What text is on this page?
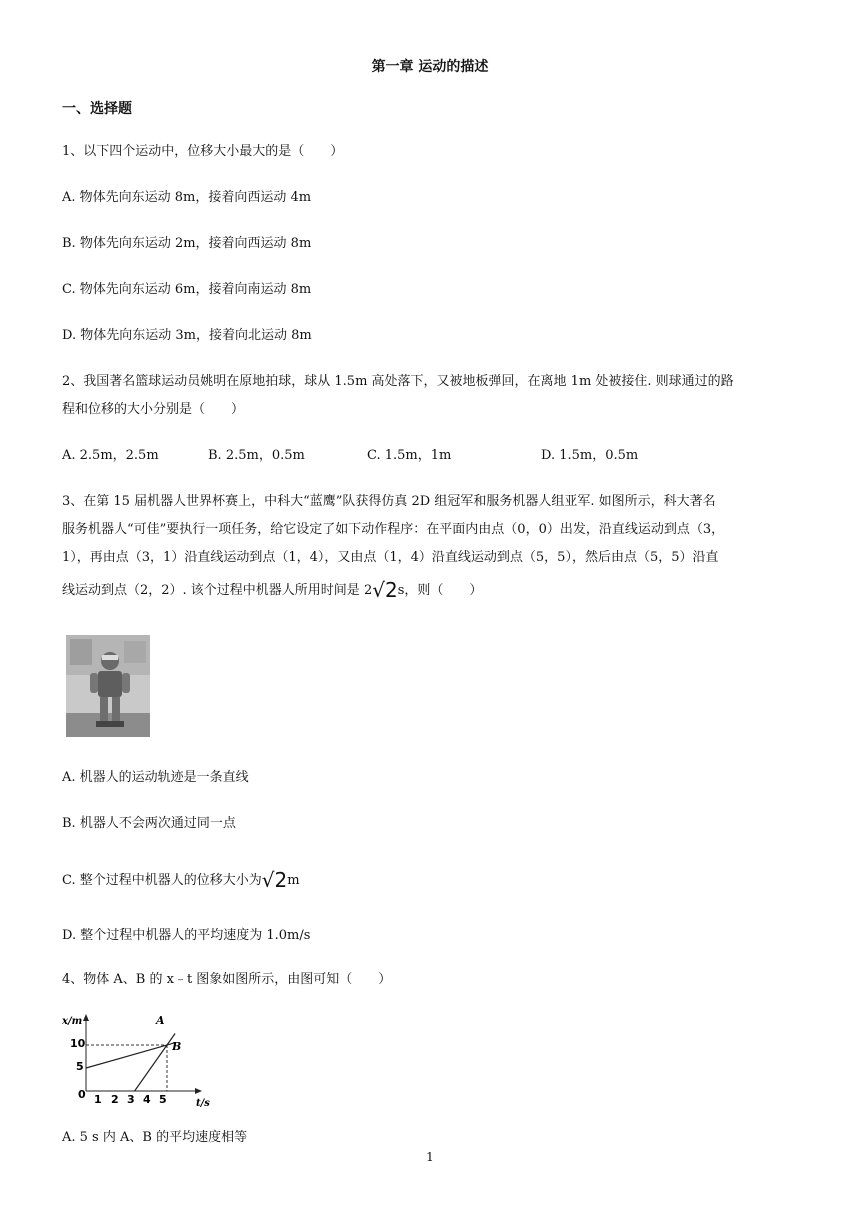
第一章 运动的描述
一、选择题
1、以下四个运动中，位移大小最大的是（　　）
A. 物体先向东运动 8m，接着向西运动 4m
B. 物体先向东运动 2m，接着向西运动 8m
C. 物体先向东运动 6m，接着向南运动 8m
D. 物体先向东运动 3m，接着向北运动 8m
2、我国著名篮球运动员姚明在原地拍球，球从 1.5m 高处落下，又被地板弹回，在离地 1m 处被接住. 则球通过的路
程和位移的大小分别是（　　）
A. 2.5m，2.5m	B. 2.5m，0.5m	C. 1.5m，1m	D. 1.5m，0.5m
3、在第 15 届机器人世界杯赛上，中科大“蓝鹰”队获得仿真 2D 组冠军和服务机器人组亚军. 如图所示，科大著名
服务机器人“可佳”要执行一项任务，给它设定了如下动作程序：在平面内由点（0，0）出发，沿直线运动到点（3，
1），再由点（3，1）沿直线运动到点（1，4），又由点（1，4）沿直线运动到点（5，5），然后由点（5，5）沿直
线运动到点（2，2）. 该个过程中机器人所用时间是 2√2s，则（　　）
A. 机器人的运动轨迹是一条直线
B. 机器人不会两次通过同一点
C. 整个过程中机器人的位移大小为√2m
D. 整个过程中机器人的平均速度为 1.0m/s
4、物体 A、B 的 x﹣t 图象如图所示，由图可知（　　）
x/m
t/s
0
5
10
1 2 3 4 5
A
B
A. 5 s 内 A、B 的平均速度相等
1
